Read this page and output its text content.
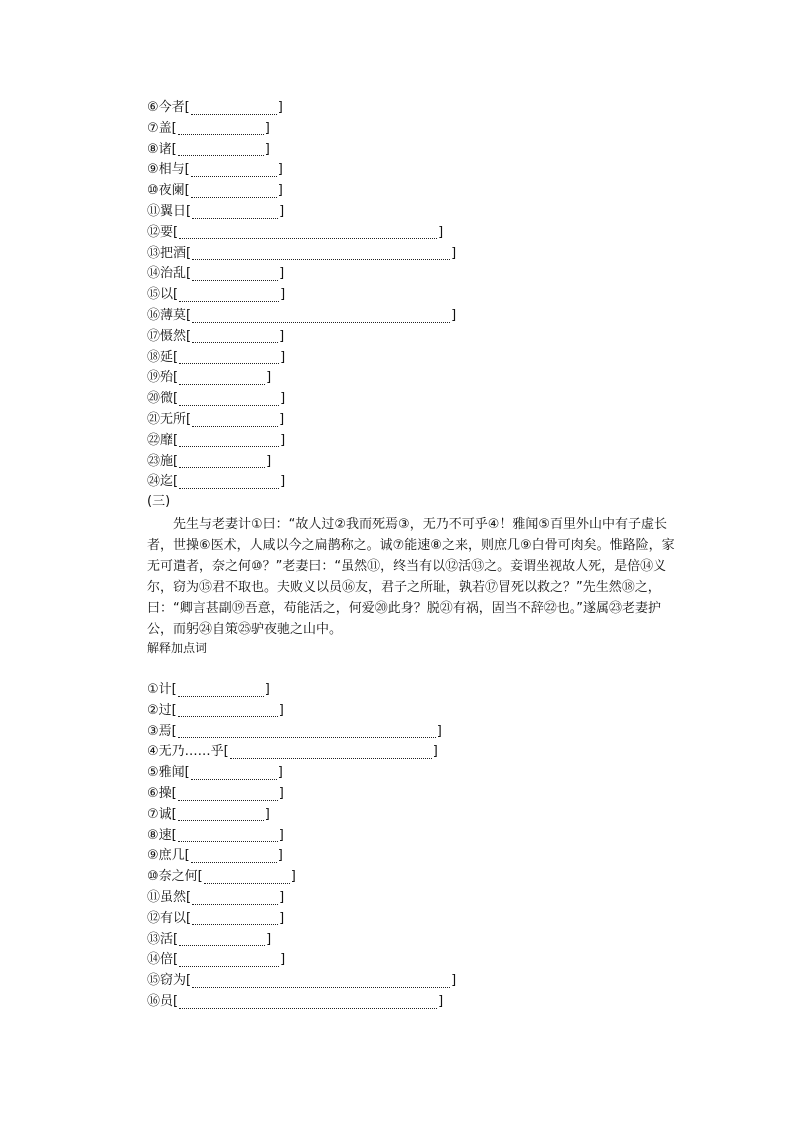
⑥ 今者 [	]
⑦ 盖 [	]
⑧ 诸 [	]
⑨ 相与 [	]
⑩ 夜阑 [	]
⑪ 翼日 [	]
⑫ 要 [	]
⑬ 把酒 [	]
⑭ 治乱 [	]
⑮ 以 [	]
⑯ 薄莫 [	]
⑰ 慑然 [	]
⑱ 延 [	]
⑲ 殆 [	]
⑳ 微 [	]
㉑ 无所 [	]
㉒ 靡 [	]
㉓ 施 [	]
㉔ 迄 [	]
(三)
　　先生与老妻计①曰：“故人过②我而死焉③，无乃不可乎④！雅闻⑤百里外山中有子虚长
者，世操⑥医术，人咸以今之扁鹊称之。诚⑦能速⑧之来，则庶几⑨白骨可肉矣。惟路险，家
无可遣者，奈之何⑩？”老妻曰：“虽然⑪，终当有以⑫活⑬之。妾谓坐视故人死，是倍⑭义
尔，窃为⑮君不取也。夫败义以员⑯友，君子之所耻，孰若⑰冒死以救之？”先生然⑱之，
曰：“卿言甚副⑲吾意，苟能活之，何爱⑳此身？脱㉑有祸，固当不辞㉒也。”遂属㉓老妻护
公，而躬㉔自策㉕驴夜驰之山中。
解释加点词
① 计 [	]
② 过 [	]
③ 焉 [	]
④ 无乃……乎 [	]
⑤ 雅闻 [	]
⑥ 操 [	]
⑦ 诚 [	]
⑧ 速 [	]
⑨ 庶几 [	]
⑩ 奈之何 [	]
⑪ 虽然 [	]
⑫ 有以 [	]
⑬ 活 [	]
⑭ 倍 [	]
⑮ 窃为 [	]
⑯ 员 [	]
